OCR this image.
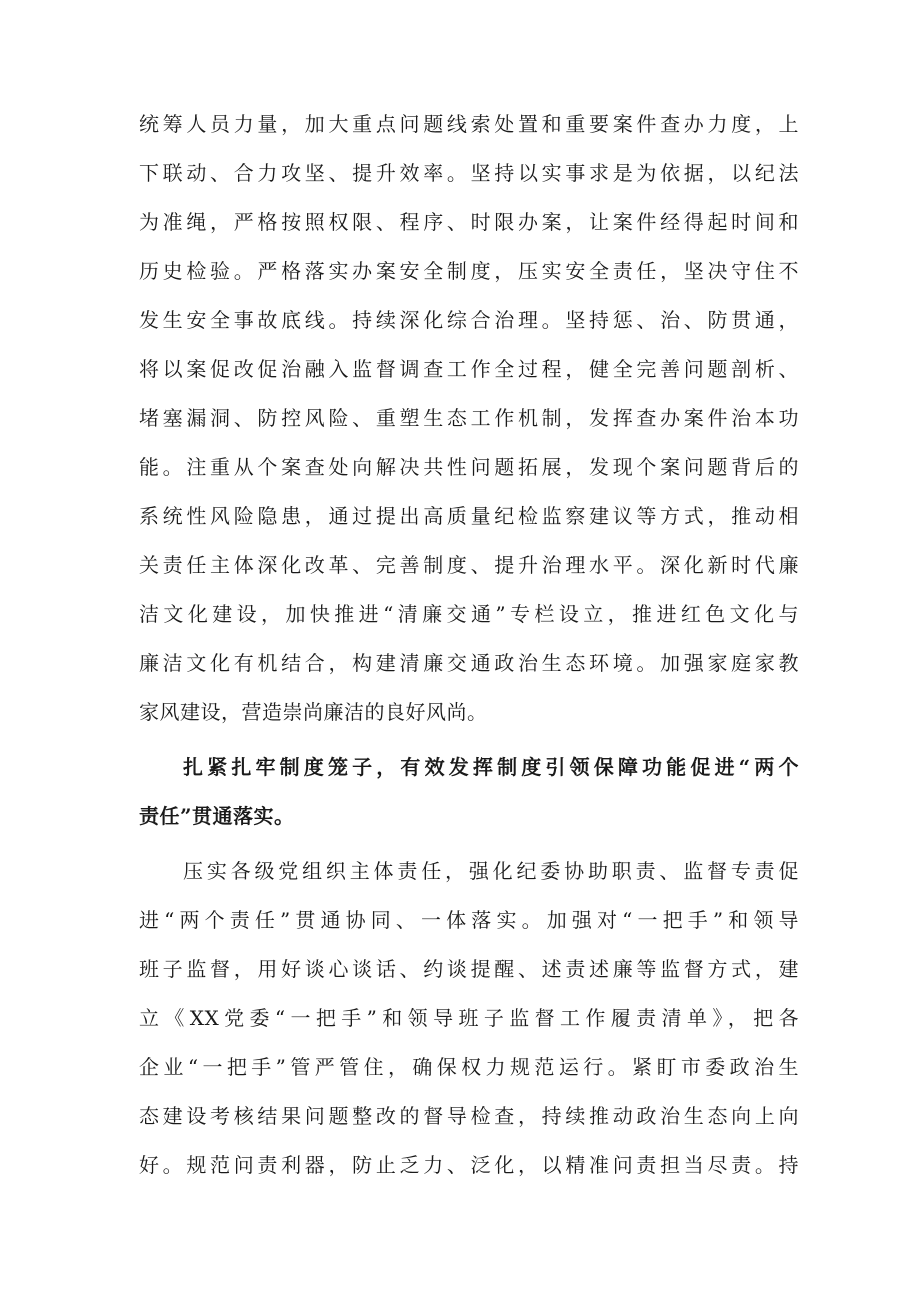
统筹人员力量，加大重点问题线索处置和重要案件查办力度，上
下联动、合力攻坚、提升效率。坚持以实事求是为依据，以纪法
为准绳，严格按照权限、程序、时限办案，让案件经得起时间和
历史检验。严格落实办案安全制度，压实安全责任，坚决守住不
发生安全事故底线。持续深化综合治理。坚持惩、治、防贯通，
将以案促改促治融入监督调查工作全过程，健全完善问题剖析、
堵塞漏洞、防控风险、重塑生态工作机制，发挥查办案件治本功
能。注重从个案查处向解决共性问题拓展，发现个案问题背后的
系统性风险隐患，通过提出高质量纪检监察建议等方式，推动相
关责任主体深化改革、完善制度、提升治理水平。深化新时代廉
洁文化建设，加快推进“清廉交通”专栏设立，推进红色文化与
廉洁文化有机结合，构建清廉交通政治生态环境。加强家庭家教
家风建设，营造崇尚廉洁的良好风尚。
扎紧扎牢制度笼子，有效发挥制度引领保障功能促进“两个
责任”贯通落实。
压实各级党组织主体责任，强化纪委协助职责、监督专责促
进“两个责任”贯通协同、一体落实。加强对“一把手”和领导
班子监督，用好谈心谈话、约谈提醒、述责述廉等监督方式，建
立《XX党委“一把手”和领导班子监督工作履责清单》，把各
企业“一把手”管严管住，确保权力规范运行。紧盯市委政治生
态建设考核结果问题整改的督导检查，持续推动政治生态向上向
好。规范问责利器，防止乏力、泛化，以精准问责担当尽责。持
